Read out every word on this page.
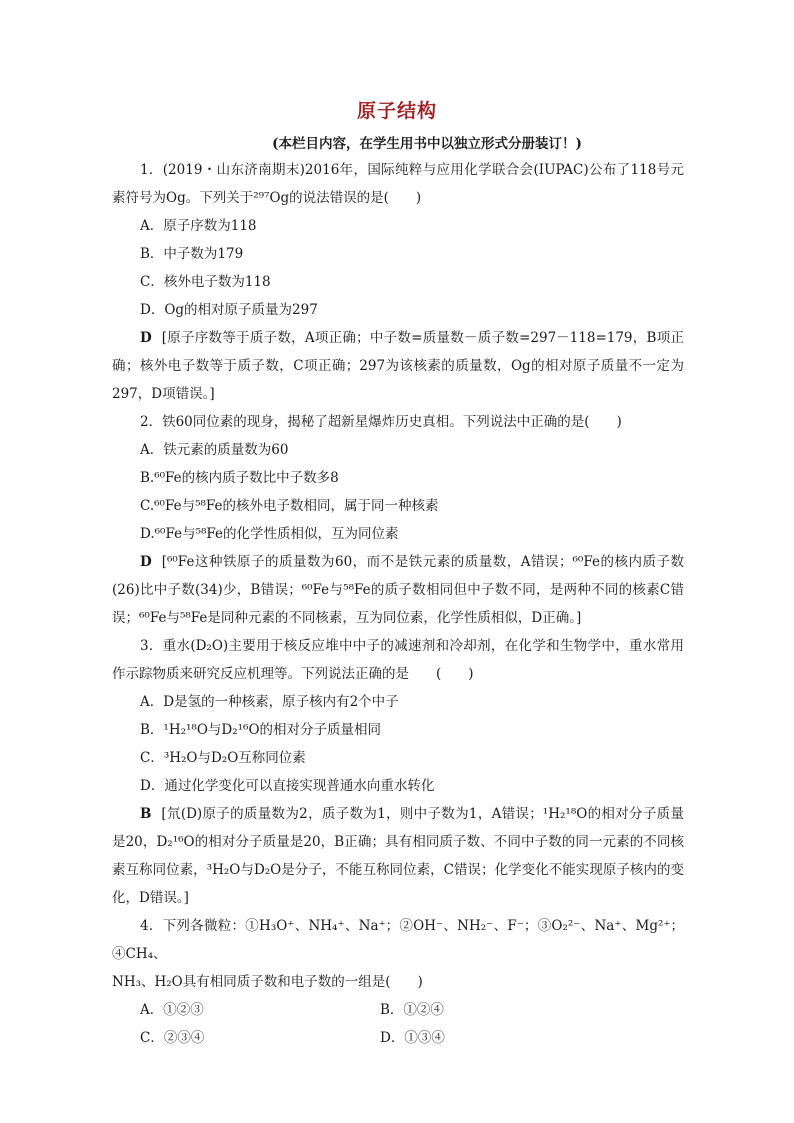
原子结构
(本栏目内容，在学生用书中以独立形式分册装订！)

1．(2019・山东济南期末)2016年，国际纯粹与应用化学联合会(IUPAC)公布了118号元素符号为Og。下列关于²⁹⁷Og的说法错误的是(　　)

A．原子序数为118

B．中子数为179

C．核外电子数为118

D．Og的相对原子质量为297

D [原子序数等于质子数，A项正确；中子数=质量数－质子数=297－118=179，B项正确；核外电子数等于质子数，C项正确；297为该核素的质量数，Og的相对原子质量不一定为297，D项错误。]

2．铁60同位素的现身，揭秘了超新星爆炸历史真相。下列说法中正确的是(　　)

A．铁元素的质量数为60

B.⁶⁰Fe的核内质子数比中子数多8

C.⁶⁰Fe与⁵⁸Fe的核外电子数相同，属于同一种核素

D.⁶⁰Fe与⁵⁸Fe的化学性质相似，互为同位素

D [⁶⁰Fe这种铁原子的质量数为60，而不是铁元素的质量数，A错误；⁶⁰Fe的核内质子数(26)比中子数(34)少，B错误；⁶⁰Fe与⁵⁸Fe的质子数相同但中子数不同，是两种不同的核素C错误；⁶⁰Fe与⁵⁸Fe是同种元素的不同核素，互为同位素，化学性质相似，D正确。]

3．重水(D₂O)主要用于核反应堆中中子的减速剂和冷却剂，在化学和生物学中，重水常用作示踪物质来研究反应机理等。下列说法正确的是　　(　　)

A．D是氢的一种核素，原子核内有2个中子

B．¹H₂¹⁸O与D₂¹⁶O的相对分子质量相同

C．³H₂O与D₂O互称同位素

D．通过化学变化可以直接实现普通水向重水转化

B [氘(D)原子的质量数为2，质子数为1，则中子数为1，A错误；¹H₂¹⁸O的相对分子质量是20，D₂¹⁶O的相对分子质量是20，B正确；具有相同质子数、不同中子数的同一元素的不同核素互称同位素，³H₂O与D₂O是分子，不能互称同位素，C错误；化学变化不能实现原子核内的变化，D错误。]

4．下列各微粒：①H₃O⁺、NH₄⁺、Na⁺；②OH⁻、NH₂⁻、F⁻；③O₂²⁻、Na⁺、Mg²⁺；④CH₄、

NH₃、H₂O具有相同质子数和电子数的一组是(　　)

A．①②③	B．①②④
C．②③④	D．①③④
